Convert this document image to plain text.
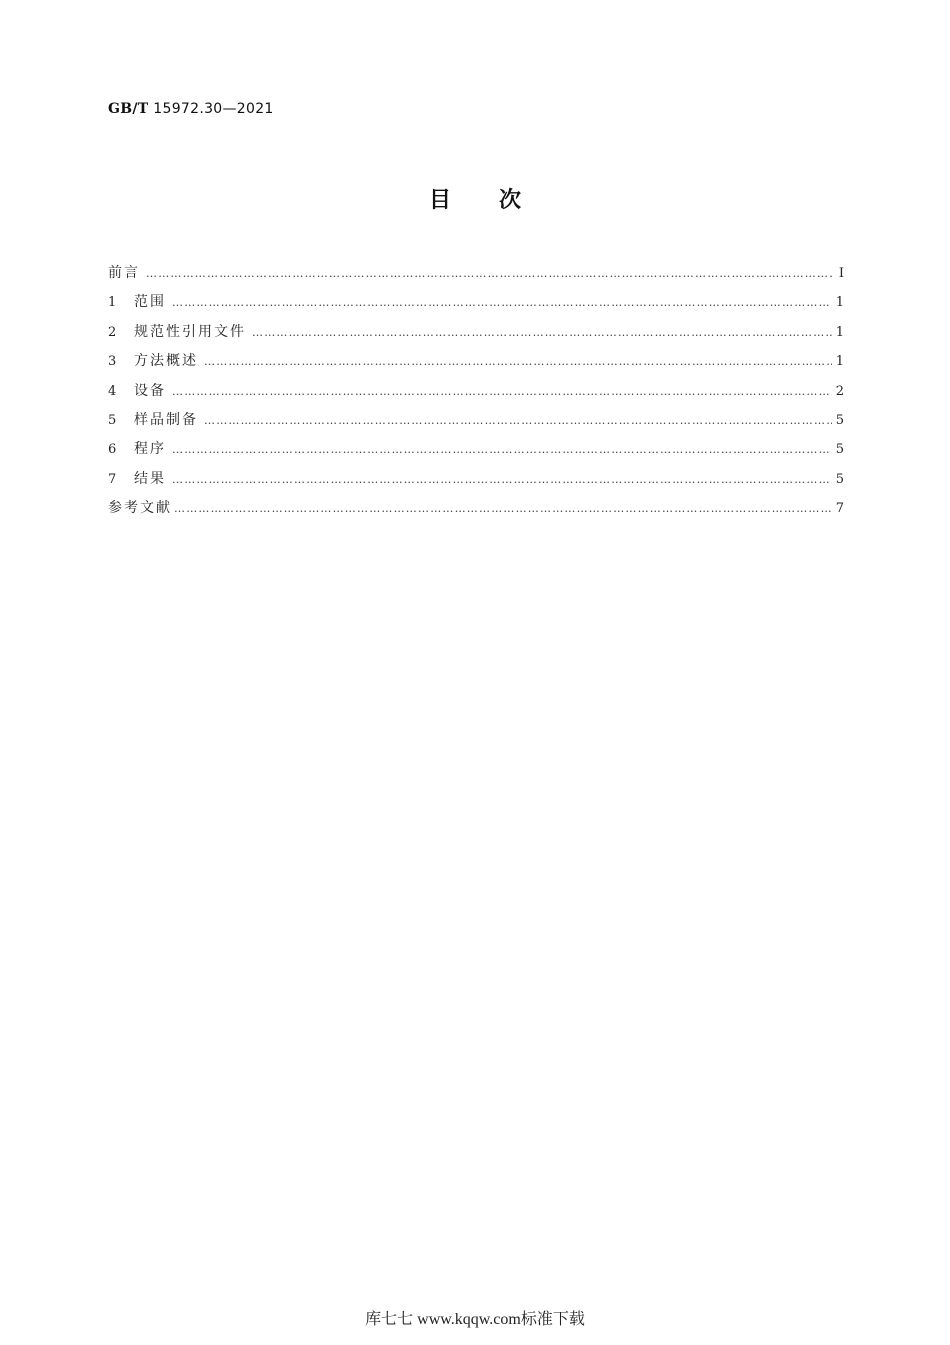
GB/T 15972.30—2021
目次
前言 ……………………………………………………………………………………………………………………………………………………………………………………………………………………	Ⅰ
1	范围 ……………………………………………………………………………………………………………………………………………………………………………………………………………………	1
2	规范性引用文件 ……………………………………………………………………………………………………………………………………………………………………………………………………………………	1
3	方法概述 ……………………………………………………………………………………………………………………………………………………………………………………………………………………	1
4	设备 ……………………………………………………………………………………………………………………………………………………………………………………………………………………	2
5	样品制备 ……………………………………………………………………………………………………………………………………………………………………………………………………………………	5
6	程序 ……………………………………………………………………………………………………………………………………………………………………………………………………………………	5
7	结果 ……………………………………………………………………………………………………………………………………………………………………………………………………………………	5
参考文献 ……………………………………………………………………………………………………………………………………………………………………………………………………………………	7
库七七 www.kqqw.com标准下载
